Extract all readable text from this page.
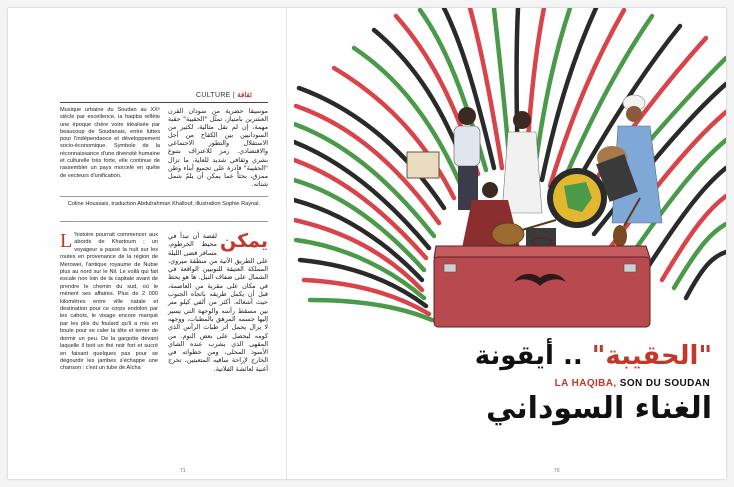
CULTURE | ثقافة
Musique urbaine du Soudan au XXᵉ siècle par excellence, la haqiba reflète une époque chère voire idéalisée par beaucoup de Soudanais, entre luttes pour l'indépendance et développement socio-économique. Symbole de la réconnaissance d'une diversité humaine et culturelle très forte, elle continue de rassembler un pays morcelé en quête de vecteurs d'unification.
موسيقا حضرية من سودان القرن العشرين بامتياز، تمثّل "الحقيبة" حقبة مهمة، إن لم نقل مثالية، لكثير من السودانيين بين الكفاح من أجل الاستقلال والتطور الاجتماعي والاقتصادي. رمز للاعتراف بتنوع بشري وثقافي شديد للغاية، ما تزال "الحقيبة" قادرة على تجميع أبناء وطن ممزق، بحثاً عما يمكن أن يلمّ شمل شتاته.
Coline Houssais, traduction Abdulrahman Khallouf, illustration Sophie Raynal.
L 'histoire pourrait commencer aux abords de Khartoum ; un voyageur a passé la nuit sur les routes en provenance de la région de Meroweï, l'antique royaume de Nubie plus au nord sur le Nil. Le voilà qui fait escale non loin de la capitale avant de prendre le chemin du sud, où le mènent ses affaires. Plus de 2 000 kilomètres entre ville natale et destination pour ce corps endolori par les cahots, le visage encore marqué par les plis du foulard qu'il a mis en boule pour se caler la tête et tenter de dormir un peu. De la gargotte devant laquelle il boit un thé noir fort et sucré en faisant quelques pas pour se dégourdir les jambes s'échappe une chanson : c'est un tube de Aïcha
يمكن
لقصة أن تبدأ في محيط الخرطوم، مسافر قضى الليلة على الطريق الآتية من منطقة ميروي، المملكة العتيقة للنوبيين الواقعة في الشمال على ضفاف النيل. ها هو يحط في مكان على مقربة من العاصمة، قبل أن يكمل طريقه باتجاه الجنوب حيث أشغاله. أكثر من ألفي كيلو متر بين مسقط رأسه والوجهة التي يسير إليها جسمه المرهق بالمطبات، ووجهه لا يزال يحمل أثر طيات الرأس الذي كومه ليحصل على بعض النوم. من المقهى الذي يشرب عنده الشاي الأسود المحلى، ومن خطواته في الخارج لإراحة ساقيه المتعبتين، تخرج أغنية لعائشة الفلاتية.
71
"الحقيبة" .. أيقونة
LA HAQIBA, SON DU SOUDAN
الغناء السوداني
70
